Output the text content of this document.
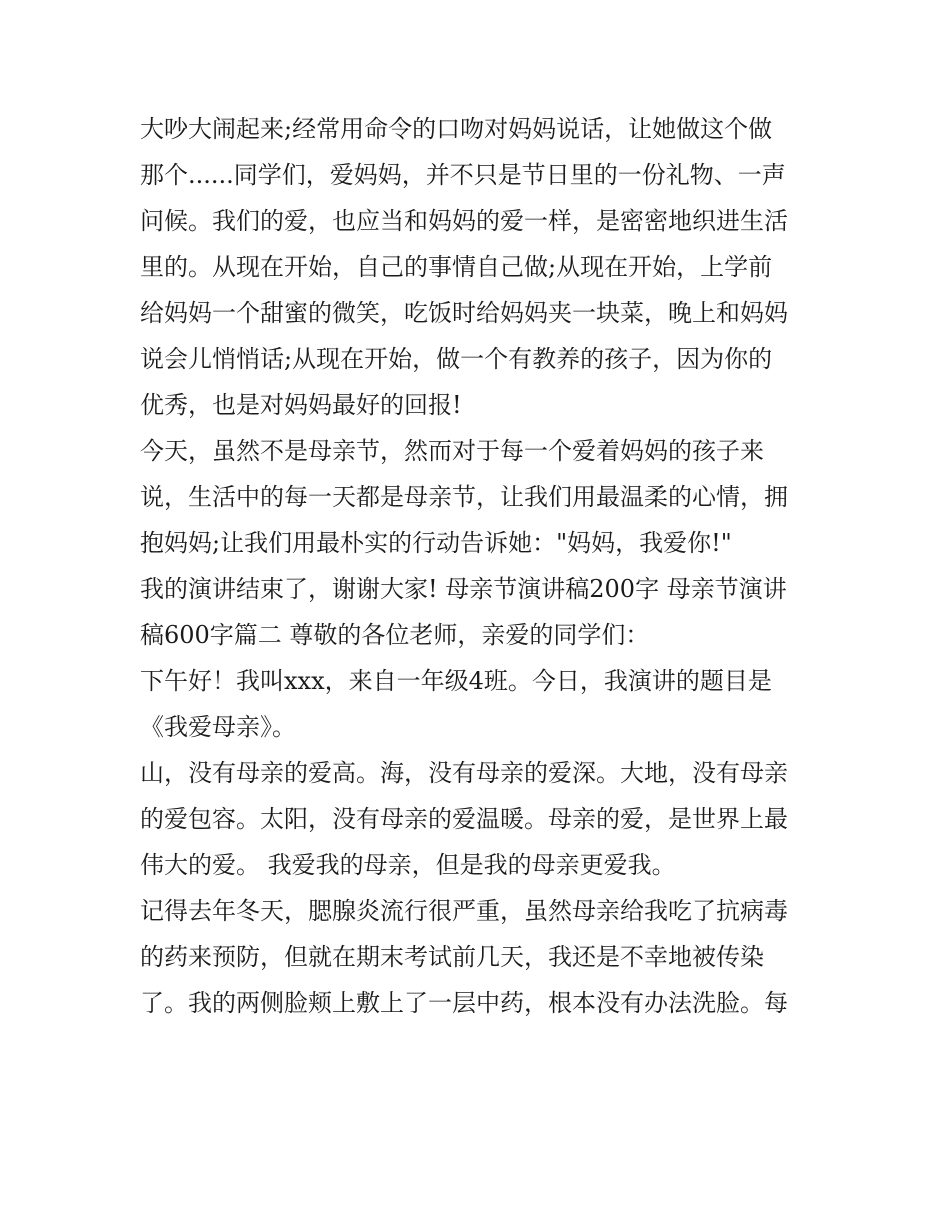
大吵大闹起来;经常用命令的口吻对妈妈说话，让她做这个做
那个......同学们，爱妈妈，并不只是节日里的一份礼物、一声
问候。我们的爱，也应当和妈妈的爱一样，是密密地织进生活
里的。从现在开始，自己的事情自己做;从现在开始，上学前
给妈妈一个甜蜜的微笑，吃饭时给妈妈夹一块菜，晚上和妈妈
说会儿悄悄话;从现在开始，做一个有教养的孩子，因为你的
优秀，也是对妈妈最好的回报!
今天，虽然不是母亲节，然而对于每一个爱着妈妈的孩子来
说，生活中的每一天都是母亲节，让我们用最温柔的心情，拥
抱妈妈;让我们用最朴实的行动告诉她："妈妈，我爱你!"
我的演讲结束了，谢谢大家! 母亲节演讲稿200字 母亲节演讲
稿600字篇二 尊敬的各位老师，亲爱的同学们：
下午好！我叫xxx，来自一年级4班。今日，我演讲的题目是
《我爱母亲》。
山，没有母亲的爱高。海，没有母亲的爱深。大地，没有母亲
的爱包容。太阳，没有母亲的爱温暖。母亲的爱，是世界上最
伟大的爱。 我爱我的母亲，但是我的母亲更爱我。
记得去年冬天，腮腺炎流行很严重，虽然母亲给我吃了抗病毒
的药来预防，但就在期末考试前几天，我还是不幸地被传染
了。我的两侧脸颊上敷上了一层中药，根本没有办法洗脸。每
